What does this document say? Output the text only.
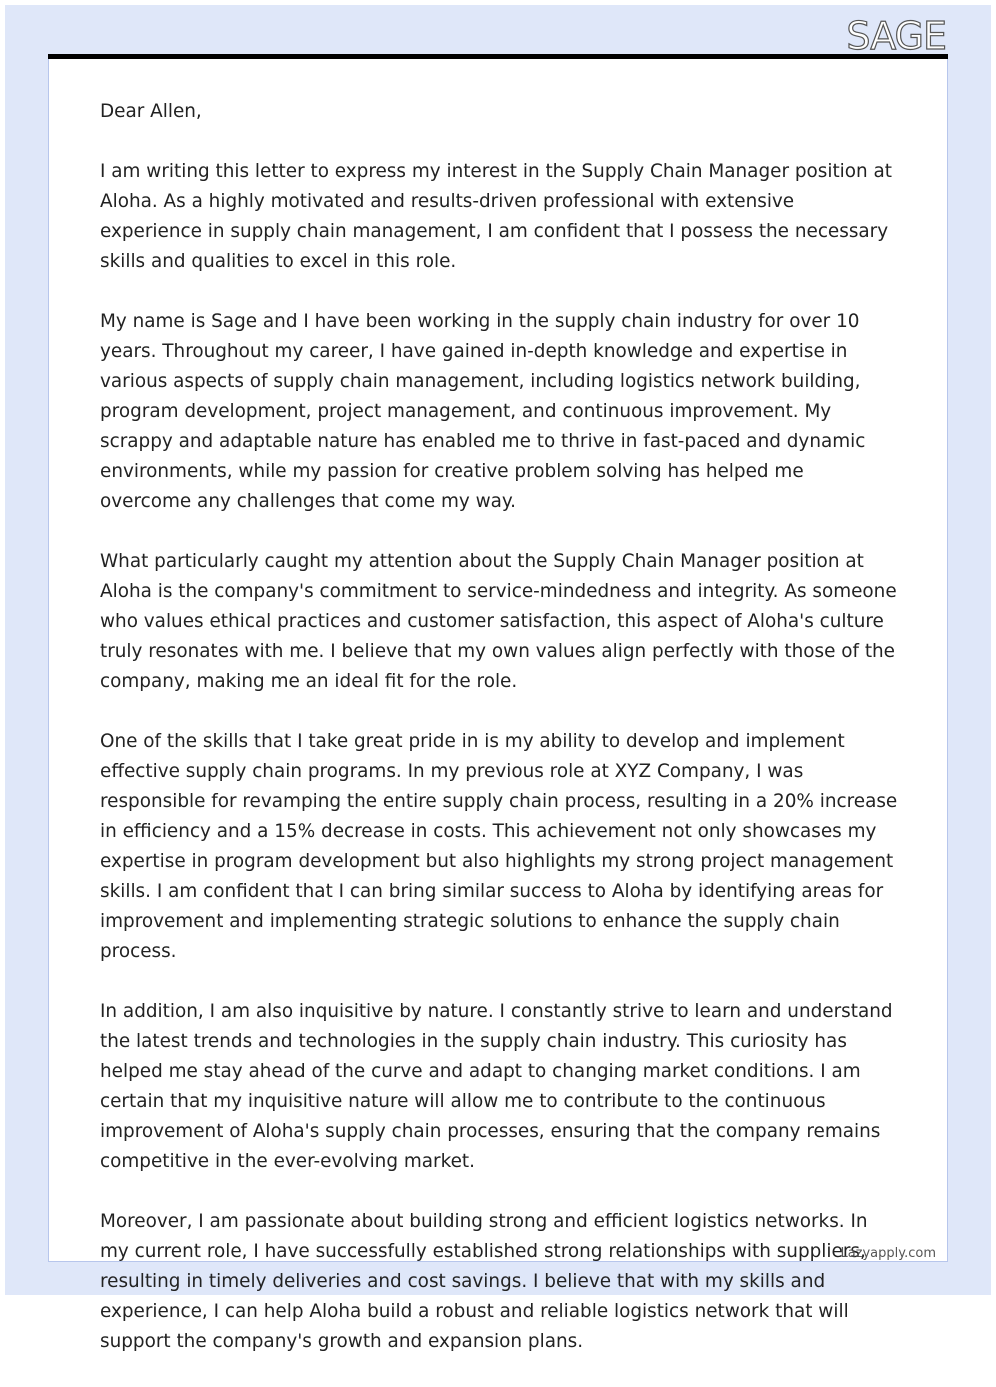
SAGE

Dear Allen,

I am writing this letter to express my interest in the Supply Chain Manager position at Aloha. As a highly motivated and results-driven professional with extensive experience in supply chain management, I am confident that I possess the necessary skills and qualities to excel in this role.

My name is Sage and I have been working in the supply chain industry for over 10 years. Throughout my career, I have gained in-depth knowledge and expertise in various aspects of supply chain management, including logistics network building, program development, project management, and continuous improvement. My scrappy and adaptable nature has enabled me to thrive in fast-paced and dynamic environments, while my passion for creative problem solving has helped me overcome any challenges that come my way.

What particularly caught my attention about the Supply Chain Manager position at Aloha is the company's commitment to service-mindedness and integrity. As someone who values ethical practices and customer satisfaction, this aspect of Aloha's culture truly resonates with me. I believe that my own values align perfectly with those of the company, making me an ideal fit for the role.

One of the skills that I take great pride in is my ability to develop and implement effective supply chain programs. In my previous role at XYZ Company, I was responsible for revamping the entire supply chain process, resulting in a 20% increase in efficiency and a 15% decrease in costs. This achievement not only showcases my expertise in program development but also highlights my strong project management skills. I am confident that I can bring similar success to Aloha by identifying areas for improvement and implementing strategic solutions to enhance the supply chain process.

In addition, I am also inquisitive by nature. I constantly strive to learn and understand the latest trends and technologies in the supply chain industry. This curiosity has helped me stay ahead of the curve and adapt to changing market conditions. I am certain that my inquisitive nature will allow me to contribute to the continuous improvement of Aloha's supply chain processes, ensuring that the company remains competitive in the ever-evolving market.

Moreover, I am passionate about building strong and efficient logistics networks. In my current role, I have successfully established strong relationships with suppliers, resulting in timely deliveries and cost savings. I believe that with my skills and experience, I can help Aloha build a robust and reliable logistics network that will support the company's growth and expansion plans.

Lazyapply.com
